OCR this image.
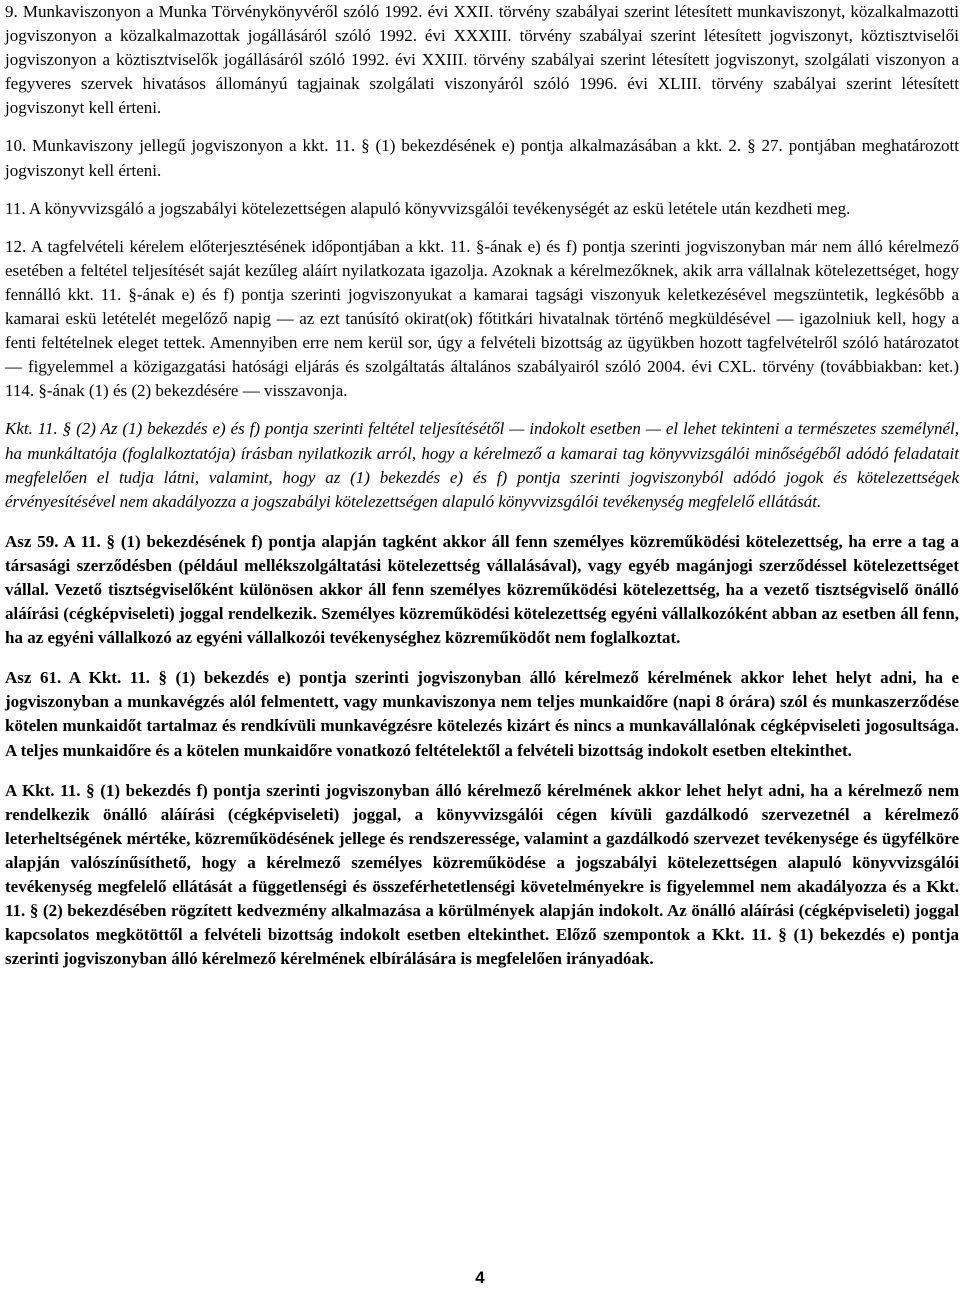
9. Munkaviszonyon a Munka Törvénykönyvéről szóló 1992. évi XXII. törvény szabályai szerint létesített munkaviszonyt, közalkalmazotti jogviszonyon a közalkalmazottak jogállásáról szóló 1992. évi XXXIII. törvény szabályai szerint létesített jogviszonyt, köztisztviselői jogviszonyon a köztisztviselők jogállásáról szóló 1992. évi XXIII. törvény szabályai szerint létesített jogviszonyt, szolgálati viszonyon a fegyveres szervek hivatásos állományú tagjainak szolgálati viszonyáról szóló 1996. évi XLIII. törvény szabályai szerint létesített jogviszonyt kell érteni.

10. Munkaviszony jellegű jogviszonyon a kkt. 11. § (1) bekezdésének e) pontja alkalmazásában a kkt. 2. § 27. pontjában meghatározott jogviszonyt kell érteni.

11. A könyvvizsgáló a jogszabályi kötelezettségen alapuló könyvvizsgálói tevékenységét az eskü letétele után kezdheti meg.

12. A tagfelvételi kérelem előterjesztésének időpontjában a kkt. 11. §-ának e) és f) pontja szerinti jogviszonyban már nem álló kérelmező esetében a feltétel teljesítését saját kezűleg aláírt nyilatkozata igazolja. Azoknak a kérelmezőknek, akik arra vállalnak kötelezettséget, hogy fennálló kkt. 11. §-ának e) és f) pontja szerinti jogviszonyukat a kamarai tagsági viszonyuk keletkezésével megszüntetik, legkésőbb a kamarai eskü letételét megelőző napig — az ezt tanúsító okirat(ok) főtitkári hivatalnak történő megküldésével — igazolniuk kell, hogy a fenti feltételnek eleget tettek. Amennyiben erre nem kerül sor, úgy a felvételi bizottság az ügyükben hozott tagfelvételről szóló határozatot — figyelemmel a közigazgatási hatósági eljárás és szolgáltatás általános szabályairól szóló 2004. évi CXL. törvény (továbbiakban: ket.) 114. §-ának (1) és (2) bekezdésére — visszavonja.

Kkt. 11. § (2) Az (1) bekezdés e) és f) pontja szerinti feltétel teljesítésétől — indokolt esetben — el lehet tekinteni a természetes személynél, ha munkáltatója (foglalkoztatója) írásban nyilatkozik arról, hogy a kérelmező a kamarai tag könyvvizsgálói minőségéből adódó feladatait megfelelően el tudja látni, valamint, hogy az (1) bekezdés e) és f) pontja szerinti jogviszonyból adódó jogok és kötelezettségek érvényesítésével nem akadályozza a jogszabályi kötelezettségen alapuló könyvvizsgálói tevékenység megfelelő ellátását.

Asz 59. A 11. § (1) bekezdésének f) pontja alapján tagként akkor áll fenn személyes közreműködési kötelezettség, ha erre a tag a társasági szerződésben (például mellékszolgáltatási kötelezettség vállalásával), vagy egyéb magánjogi szerződéssel kötelezettséget vállal. Vezető tisztségviselőként különösen akkor áll fenn személyes közreműködési kötelezettség, ha a vezető tisztségviselő önálló aláírási (cégképviseleti) joggal rendelkezik. Személyes közreműködési kötelezettség egyéni vállalkozóként abban az esetben áll fenn, ha az egyéni vállalkozó az egyéni vállalkozói tevékenységhez közreműködőt nem foglalkoztat.

Asz 61. A Kkt. 11. § (1) bekezdés e) pontja szerinti jogviszonyban álló kérelmező kérelmének akkor lehet helyt adni, ha e jogviszonyban a munkavégzés alól felmentett, vagy munkaviszonya nem teljes munkaidőre (napi 8 órára) szól és munkaszerződése kötelen munkaidőt tartalmaz és rendkívüli munkavégzésre kötelezés kizárt és nincs a munkavállalónak cégképviseleti jogosultsága. A teljes munkaidőre és a kötelen munkaidőre vonatkozó feltételektől a felvételi bizottság indokolt esetben eltekinthet.

A Kkt. 11. § (1) bekezdés f) pontja szerinti jogviszonyban álló kérelmező kérelmének akkor lehet helyt adni, ha a kérelmező nem rendelkezik önálló aláírási (cégképviseleti) joggal, a könyvvizsgálói cégen kívüli gazdálkodó szervezetnél a kérelmező leterheltségének mértéke, közreműködésének jellege és rendszeressége, valamint a gazdálkodó szervezet tevékenysége és ügyfélköre alapján valószínűsíthető, hogy a kérelmező személyes közreműködése a jogszabályi kötelezettségen alapuló könyvvizsgálói tevékenység megfelelő ellátását a függetlenségi és összeférhetetlenségi követelményekre is figyelemmel nem akadályozza és a Kkt. 11. § (2) bekezdésében rögzített kedvezmény alkalmazása a körülmények alapján indokolt. Az önálló aláírási (cégképviseleti) joggal kapcsolatos megkötöttől a felvételi bizottság indokolt esetben eltekinthet. Előző szempontok a Kkt. 11. § (1) bekezdés e) pontja szerinti jogviszonyban álló kérelmező kérelmének elbírálására is megfelelően irányadóak.

4
